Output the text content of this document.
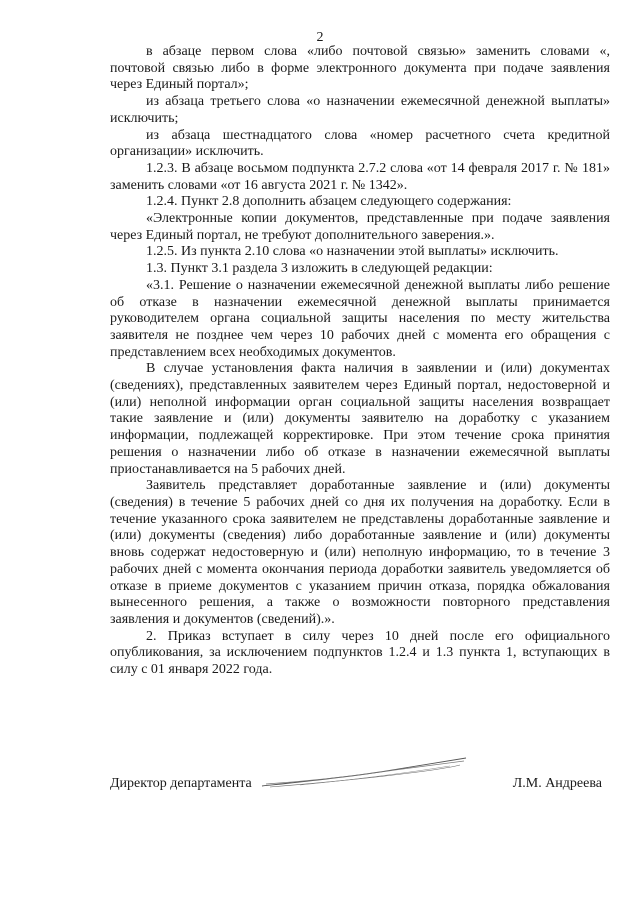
2

в абзаце первом слова «либо почтовой связью» заменить словами «, почтовой связью либо в форме электронного документа при подаче заявления через Единый портал»;

из абзаца третьего слова «о назначении ежемесячной денежной выплаты» исключить;

из абзаца шестнадцатого слова «номер расчетного счета кредитной организации» исключить.

1.2.3. В абзаце восьмом подпункта 2.7.2 слова «от 14 февраля 2017 г. № 181» заменить словами «от 16 августа 2021 г. № 1342».

1.2.4. Пункт 2.8 дополнить абзацем следующего содержания:

«Электронные копии документов, представленные при подаче заявления через Единый портал, не требуют дополнительного заверения.».

1.2.5. Из пункта 2.10 слова «о назначении этой выплаты» исключить.

1.3. Пункт 3.1 раздела 3 изложить в следующей редакции:

«3.1. Решение о назначении ежемесячной денежной выплаты либо решение об отказе в назначении ежемесячной денежной выплаты принимается руководителем органа социальной защиты населения по месту жительства заявителя не позднее чем через 10 рабочих дней с момента его обращения с представлением всех необходимых документов.

В случае установления факта наличия в заявлении и (или) документах (сведениях), представленных заявителем через Единый портал, недостоверной и (или) неполной информации орган социальной защиты населения возвращает такие заявление и (или) документы заявителю на доработку с указанием информации, подлежащей корректировке. При этом течение срока принятия решения о назначении либо об отказе в назначении ежемесячной выплаты приостанавливается на 5 рабочих дней.

Заявитель представляет доработанные заявление и (или) документы (сведения) в течение 5 рабочих дней со дня их получения на доработку. Если в течение указанного срока заявителем не представлены доработанные заявление и (или) документы (сведения) либо доработанные заявление и (или) документы вновь содержат недостоверную и (или) неполную информацию, то в течение 3 рабочих дней с момента окончания периода доработки заявитель уведомляется об отказе в приеме документов с указанием причин отказа, порядка обжалования вынесенного решения, а также о возможности повторного представления заявления и документов (сведений).».

2. Приказ вступает в силу через 10 дней после его официального опубликования, за исключением подпунктов 1.2.4 и 1.3 пункта 1, вступающих в силу с 01 января 2022 года.

Директор департамента	Л.М. Андреева
